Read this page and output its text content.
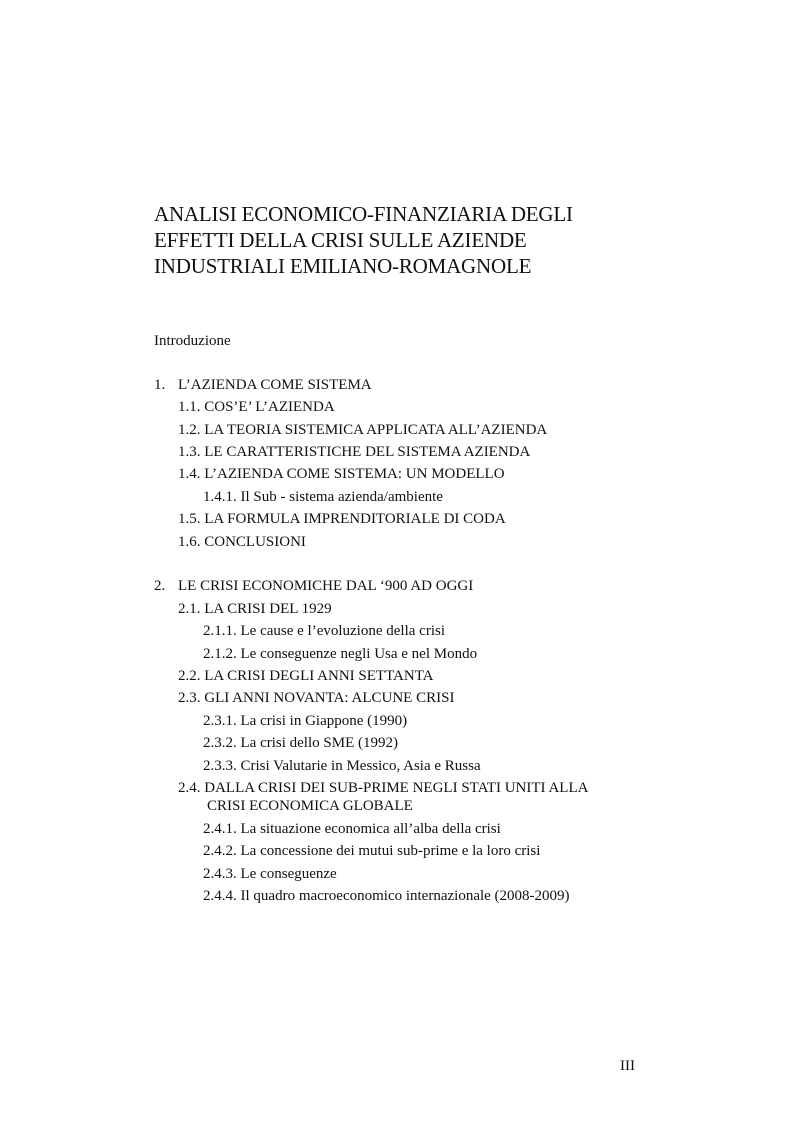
ANALISI ECONOMICO-FINANZIARIA DEGLI
EFFETTI DELLA CRISI SULLE AZIENDE
INDUSTRIALI EMILIANO-ROMAGNOLE
Introduzione
1. L’AZIENDA COME SISTEMA
1.1. COS’E’ L’AZIENDA
1.2. LA TEORIA SISTEMICA APPLICATA ALL’AZIENDA
1.3. LE CARATTERISTICHE DEL SISTEMA AZIENDA
1.4. L’AZIENDA COME SISTEMA: UN MODELLO
1.4.1. Il Sub - sistema azienda/ambiente
1.5. LA FORMULA IMPRENDITORIALE DI CODA
1.6. CONCLUSIONI
2. LE CRISI ECONOMICHE DAL ‘900 AD OGGI
2.1. LA CRISI DEL 1929
2.1.1. Le cause e l’evoluzione della crisi
2.1.2. Le conseguenze negli Usa e nel Mondo
2.2. LA CRISI DEGLI ANNI SETTANTA
2.3. GLI ANNI NOVANTA: ALCUNE CRISI
2.3.1. La crisi in Giappone (1990)
2.3.2. La crisi dello SME (1992)
2.3.3. Crisi Valutarie in Messico, Asia e Russa
2.4. DALLA CRISI DEI SUB-PRIME NEGLI STATI UNITI ALLA
CRISI ECONOMICA GLOBALE
2.4.1. La situazione economica all’alba della crisi
2.4.2. La concessione dei mutui sub-prime e la loro crisi
2.4.3. Le conseguenze
2.4.4. Il quadro macroeconomico internazionale (2008-2009)
III
